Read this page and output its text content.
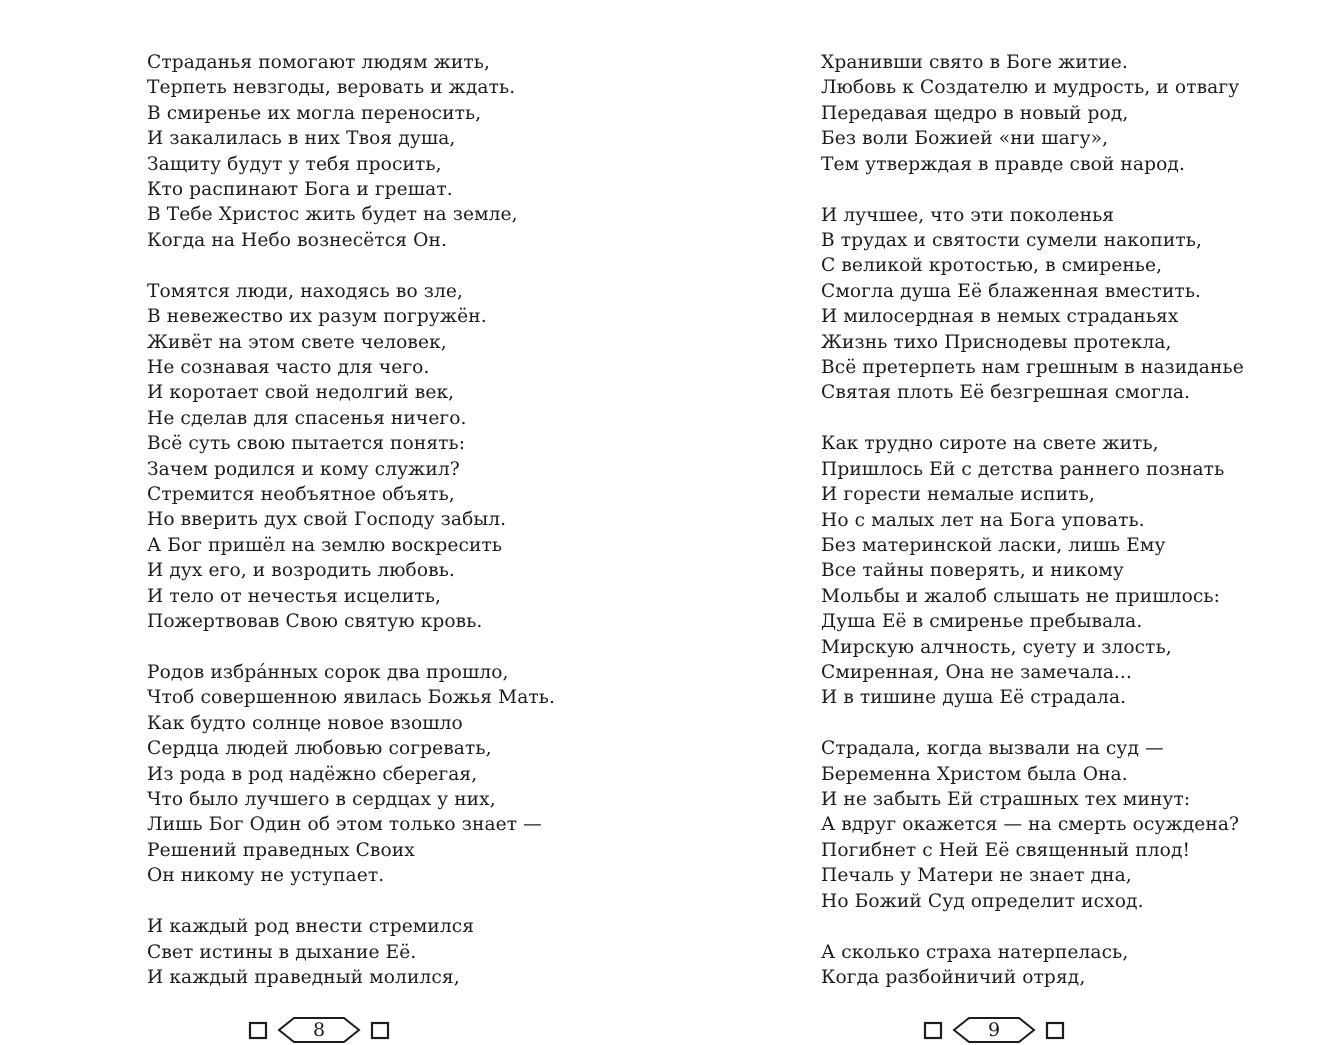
Страданья помогают людям жить,
Терпеть невзгоды, веровать и ждать.
В смиренье их могла переносить,
И закалилась в них Твоя душа,
Защиту будут у тебя просить,
Кто распинают Бога и грешат.
В Тебе Христос жить будет на земле,
Когда на Небо вознесётся Он.
Томятся люди, находясь во зле,
В невежество их разум погружён.
Живёт на этом свете человек,
Не сознавая часто для чего.
И коротает свой недолгий век,
Не сделав для спасенья ничего.
Всё суть свою пытается понять:
Зачем родился и кому служил?
Стремится необъятное объять,
Но вверить дух свой Господу забыл.
А Бог пришёл на землю воскресить
И дух его, и возродить любовь.
И тело от нечестья исцелить,
Пожертвовав Свою святую кровь.
Родов избра́нных сорок два прошло,
Чтоб совершенною явилась Божья Мать.
Как будто солнце новое взошло
Сердца людей любовью согревать,
Из рода в род надёжно сберегая,
Что было лучшего в сердцах у них,
Лишь Бог Один об этом только знает —
Решений праведных Своих
Он никому не уступает.
И каждый род внести стремился
Свет истины в дыхание Её.
И каждый праведный молился,
Хранивши свято в Боге житие.
Любовь к Создателю и мудрость, и отвагу
Передавая щедро в новый род,
Без воли Божией «ни шагу»,
Тем утверждая в правде свой народ.
И лучшее, что эти поколенья
В трудах и святости сумели накопить,
С великой кротостью, в смиренье,
Смогла душа Её блаженная вместить.
И милосердная в немых страданьях
Жизнь тихо Приснодевы протекла,
Всё претерпеть нам грешным в назиданье
Святая плоть Её безгрешная смогла.
Как трудно сироте на свете жить,
Пришлось Ей с детства раннего познать
И горести немалые испить,
Но с малых лет на Бога уповать.
Без материнской ласки, лишь Ему
Все тайны поверять, и никому
Мольбы и жалоб слышать не пришлось:
Душа Её в смиренье пребывала.
Мирскую алчность, суету и злость,
Смиренная, Она не замечала...
И в тишине душа Её страдала.
Страдала, когда вызвали на суд —
Беременна Христом была Она.
И не забыть Ей страшных тех минут:
А вдруг окажется — на смерть осуждена?
Погибнет с Ней Её священный плод!
Печаль у Матери не знает дна,
Но Божий Суд определит исход.
А сколько страха натерпелась,
Когда разбойничий отряд,
8	9
